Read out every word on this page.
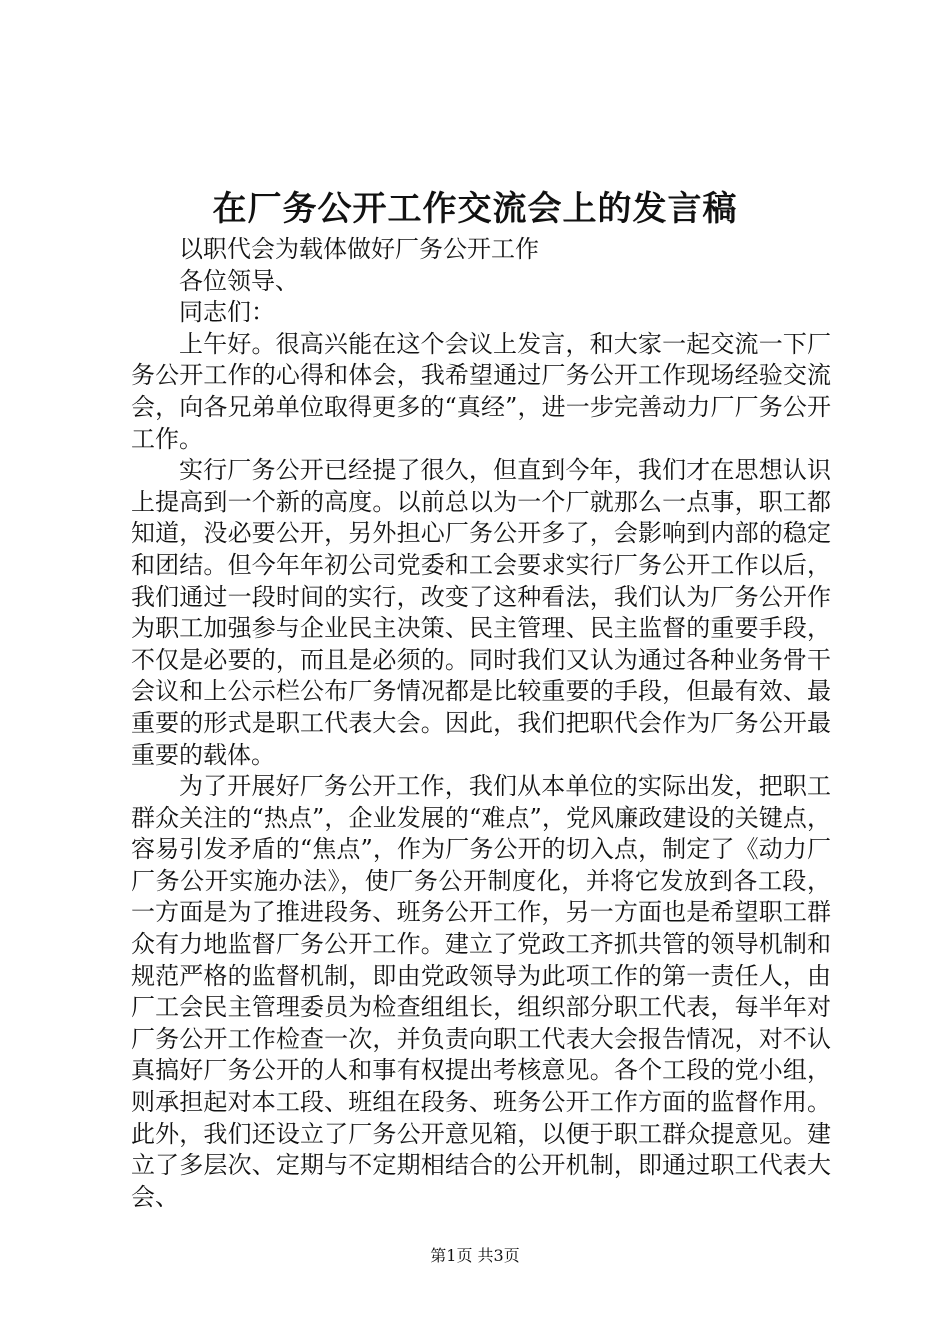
在厂务公开工作交流会上的发言稿

以职代会为载体做好厂务公开工作

各位领导、

同志们：

上午好。很高兴能在这个会议上发言，和大家一起交流一下厂务公开工作的心得和体会，我希望通过厂务公开工作现场经验交流会，向各兄弟单位取得更多的“真经”，进一步完善动力厂厂务公开工作。

实行厂务公开已经提了很久，但直到今年，我们才在思想认识上提高到一个新的高度。以前总以为一个厂就那么一点事，职工都知道，没必要公开，另外担心厂务公开多了，会影响到内部的稳定和团结。但今年年初公司党委和工会要求实行厂务公开工作以后，我们通过一段时间的实行，改变了这种看法，我们认为厂务公开作为职工加强参与企业民主决策、民主管理、民主监督的重要手段，不仅是必要的，而且是必须的。同时我们又认为通过各种业务骨干会议和上公示栏公布厂务情况都是比较重要的手段，但最有效、最重要的形式是职工代表大会。因此，我们把职代会作为厂务公开最重要的载体。

为了开展好厂务公开工作，我们从本单位的实际出发，把职工群众关注的“热点”，企业发展的“难点”，党风廉政建设的关键点，容易引发矛盾的“焦点”，作为厂务公开的切入点，制定了《动力厂厂务公开实施办法》，使厂务公开制度化，并将它发放到各工段，一方面是为了推进段务、班务公开工作，另一方面也是希望职工群众有力地监督厂务公开工作。建立了党政工齐抓共管的领导机制和规范严格的监督机制，即由党政领导为此项工作的第一责任人，由厂工会民主管理委员为检查组组长，组织部分职工代表，每半年对厂务公开工作检查一次，并负责向职工代表大会报告情况，对不认真搞好厂务公开的人和事有权提出考核意见。各个工段的党小组，则承担起对本工段、班组在段务、班务公开工作方面的监督作用。此外，我们还设立了厂务公开意见箱，以便于职工群众提意见。建立了多层次、定期与不定期相结合的公开机制，即通过职工代表大会、

第1页 共3页
